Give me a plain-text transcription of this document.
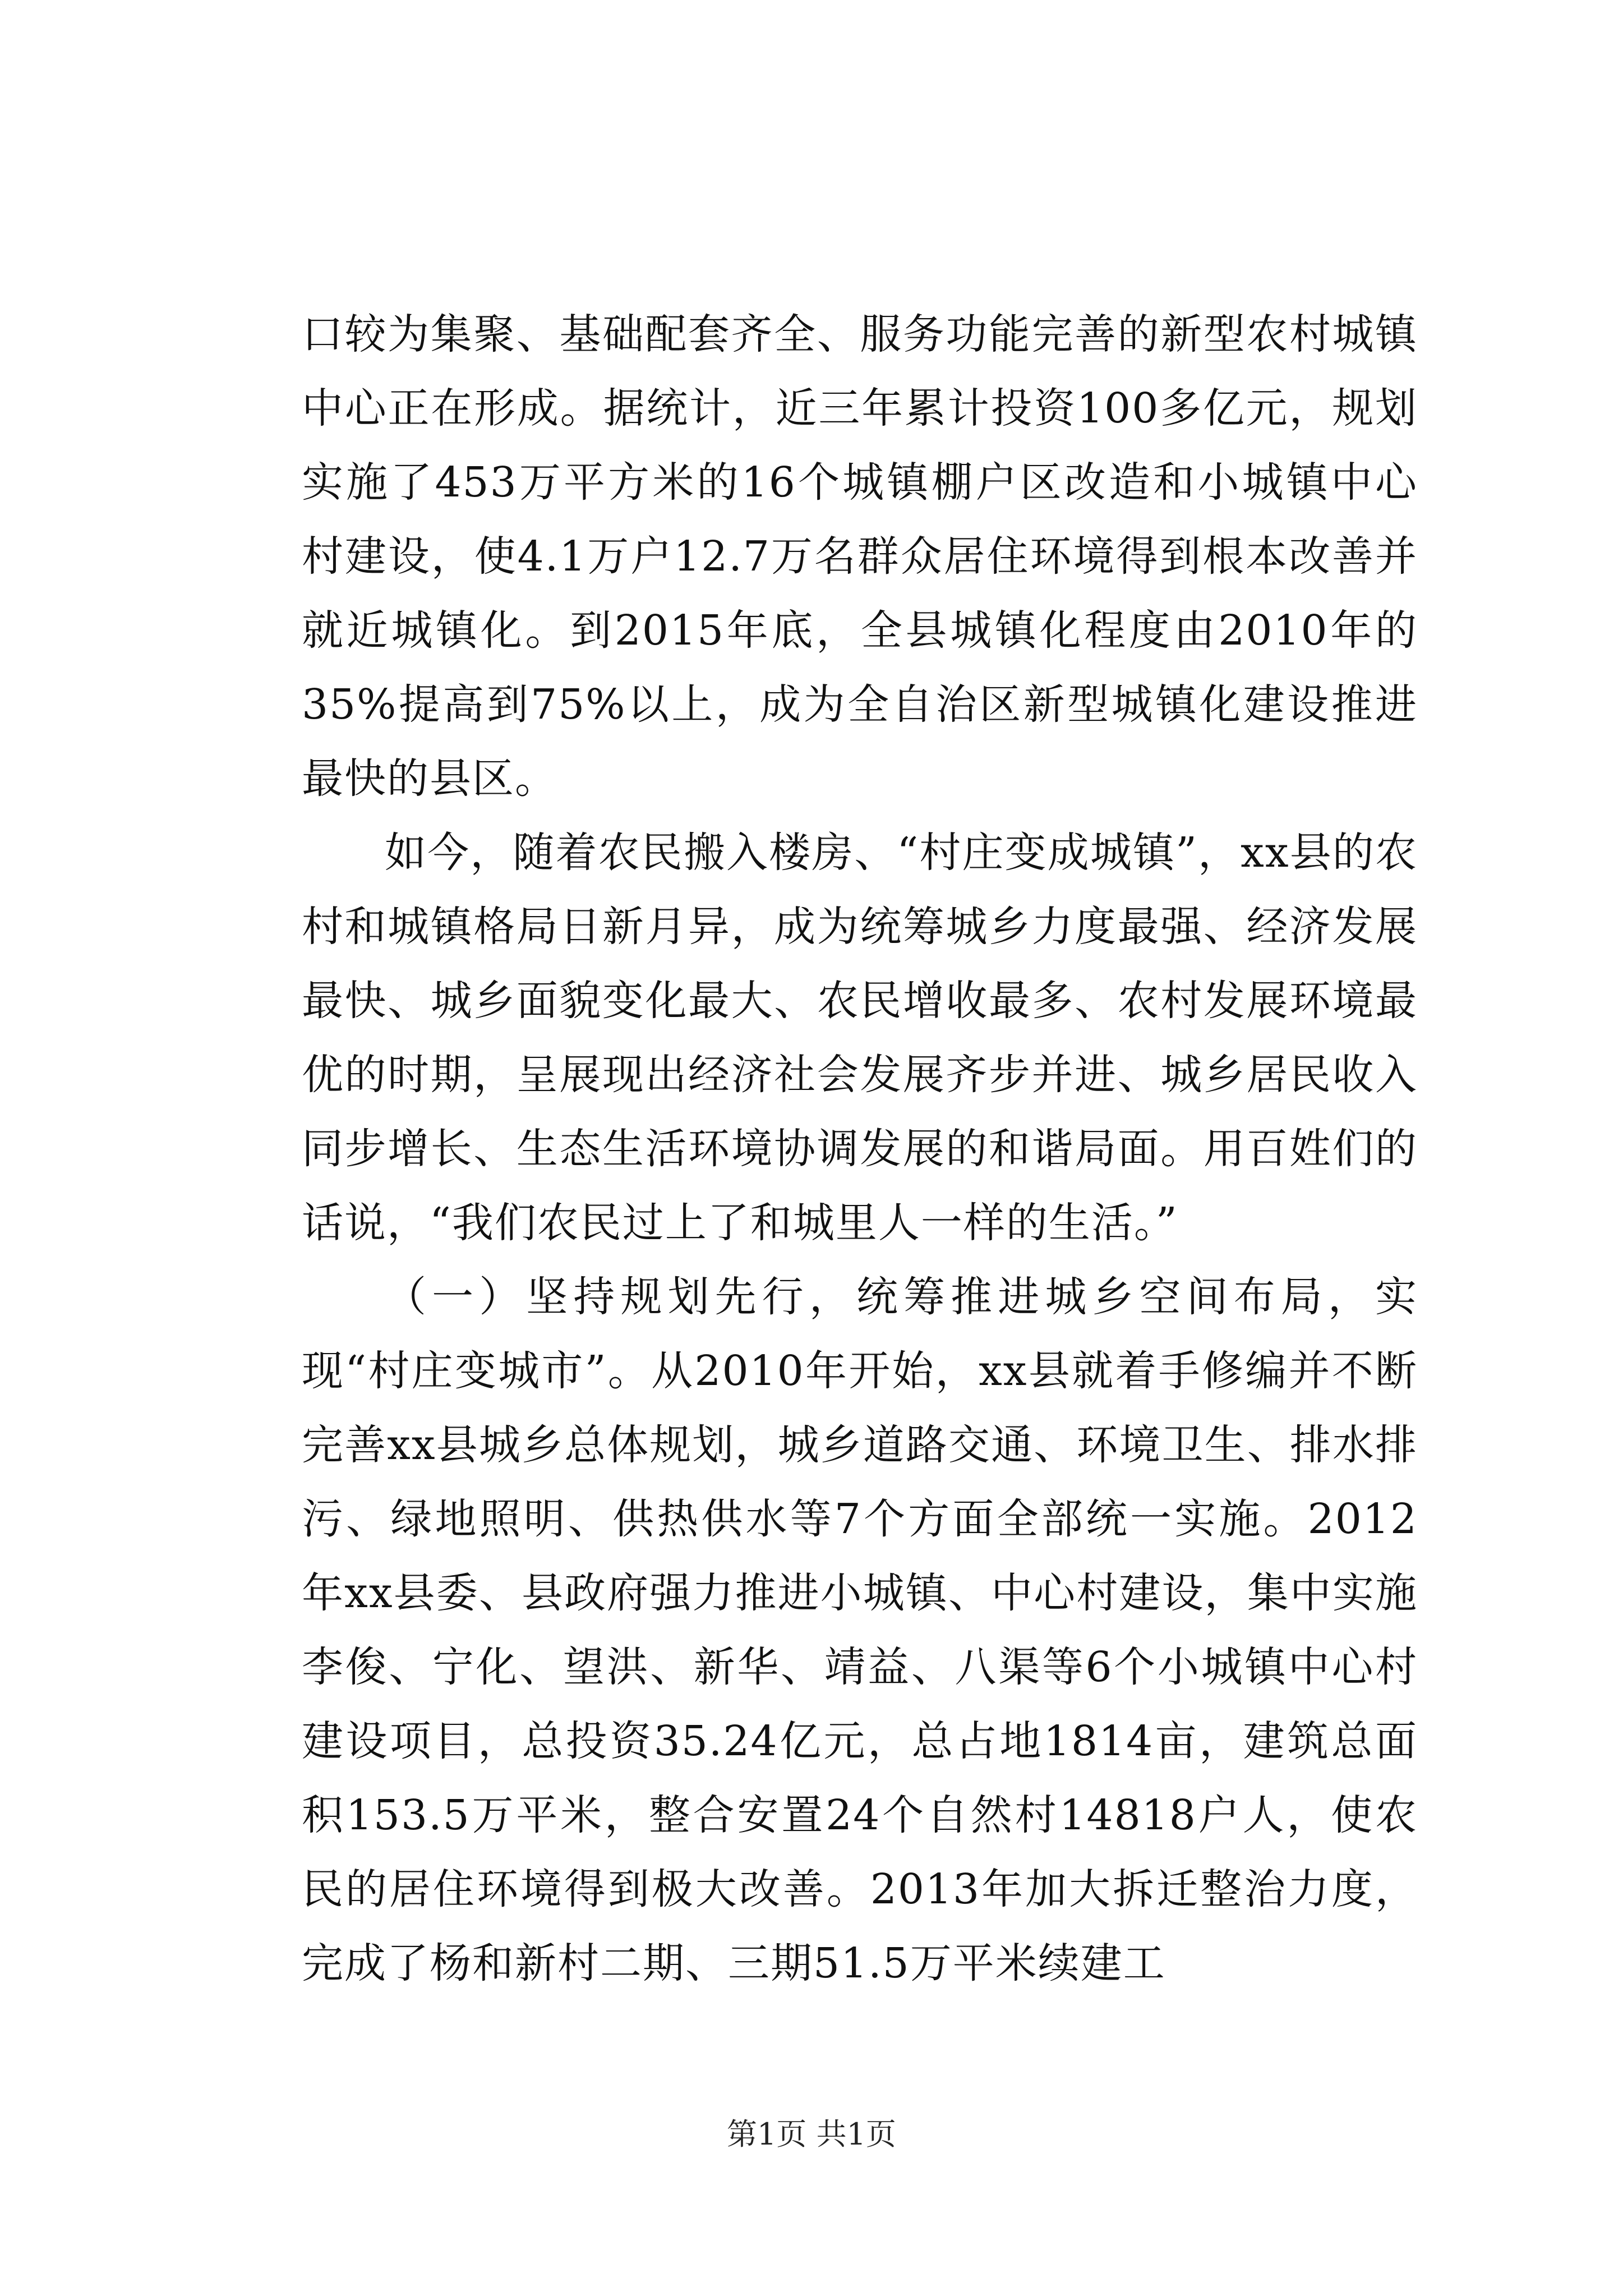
口较为集聚、基础配套齐全、服务功能完善的新型农村城镇中心正在形成。据统计，近三年累计投资100多亿元，规划实施了453万平方米的16个城镇棚户区改造和小城镇中心村建设，使4.1万户12.7万名群众居住环境得到根本改善并就近城镇化。到2015年底，全县城镇化程度由2010年的35%提高到75%以上，成为全自治区新型城镇化建设推进最快的县区。

如今，随着农民搬入楼房、“村庄变成城镇”，xx县的农村和城镇格局日新月异，成为统筹城乡力度最强、经济发展最快、城乡面貌变化最大、农民增收最多、农村发展环境最优的时期，呈展现出经济社会发展齐步并进、城乡居民收入同步增长、生态生活环境协调发展的和谐局面。用百姓们的话说，“我们农民过上了和城里人一样的生活。”

（一）坚持规划先行，统筹推进城乡空间布局，实现“村庄变城市”。从2010年开始，xx县就着手修编并不断完善xx县城乡总体规划，城乡道路交通、环境卫生、排水排污、绿地照明、供热供水等7个方面全部统一实施。2012年xx县委、县政府强力推进小城镇、中心村建设，集中实施李俊、宁化、望洪、新华、靖益、八渠等6个小城镇中心村建设项目，总投资35.24亿元，总占地1814亩，建筑总面积153.5万平米，整合安置24个自然村14818户人，使农民的居住环境得到极大改善。2013年加大拆迁整治力度，完成了杨和新村二期、三期51.5万平米续建工

第1页 共1页
